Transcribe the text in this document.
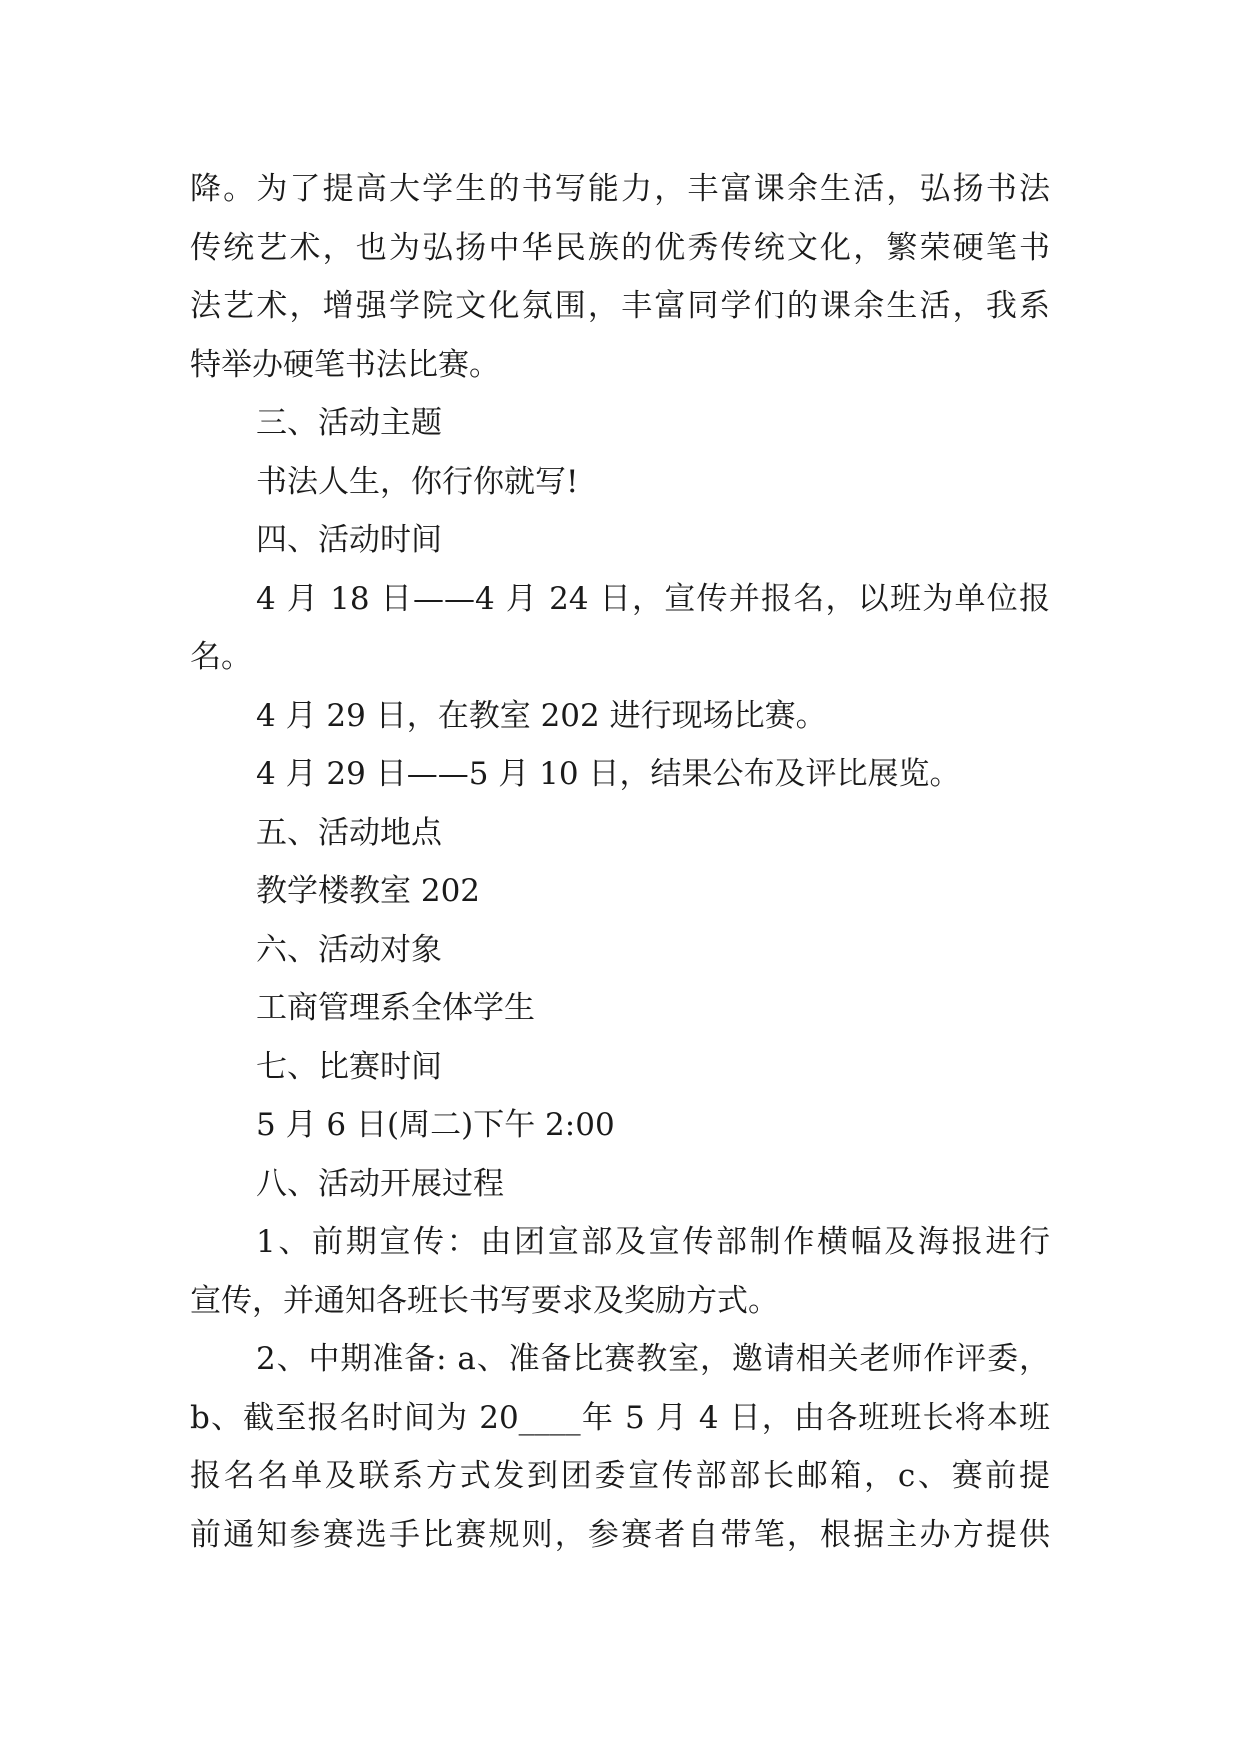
降。为了提高大学生的书写能力，丰富课余生活，弘扬书法
传统艺术，也为弘扬中华民族的优秀传统文化，繁荣硬笔书
法艺术，增强学院文化氛围，丰富同学们的课余生活，我系
特举办硬笔书法比赛。
三、活动主题
书法人生，你行你就写!
四、活动时间
4 月 18 日——4 月 24 日，宣传并报名，以班为单位报
名。
4 月 29 日，在教室 202 进行现场比赛。
4 月 29 日——5 月 10 日，结果公布及评比展览。
五、活动地点
教学楼教室 202
六、活动对象
工商管理系全体学生
七、比赛时间
5 月 6 日(周二)下午 2:00
八、活动开展过程
1、前期宣传：由团宣部及宣传部制作横幅及海报进行
宣传，并通知各班长书写要求及奖励方式。
2、中期准备: a、准备比赛教室，邀请相关老师作评委，
b、截至报名时间为 20____年 5 月 4 日，由各班班长将本班
报名名单及联系方式发到团委宣传部部长邮箱，c、赛前提
前通知参赛选手比赛规则，参赛者自带笔，根据主办方提供
